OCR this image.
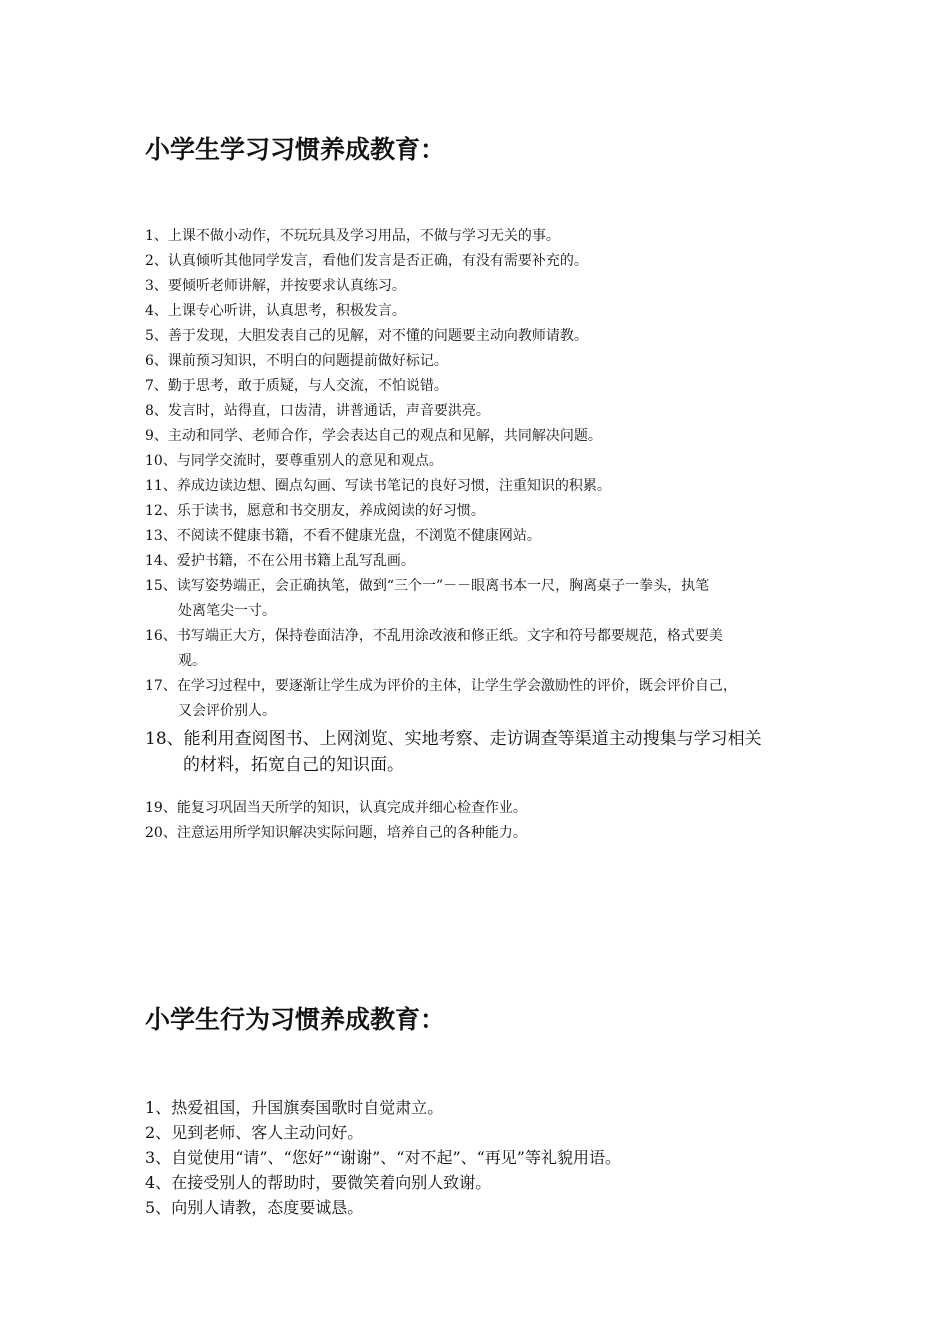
小学生学习习惯养成教育：
1、上课不做小动作，不玩玩具及学习用品，不做与学习无关的事。
2、认真倾听其他同学发言，看他们发言是否正确，有没有需要补充的。
3、要倾听老师讲解，并按要求认真练习。
4、上课专心听讲，认真思考，积极发言。
5、善于发现，大胆发表自己的见解，对不懂的问题要主动向教师请教。
6、课前预习知识，不明白的问题提前做好标记。
7、勤于思考，敢于质疑，与人交流，不怕说错。
8、发言时，站得直，口齿清，讲普通话，声音要洪亮。
9、主动和同学、老师合作，学会表达自己的观点和见解，共同解决问题。
10、与同学交流时，要尊重别人的意见和观点。
11、养成边读边想、圈点勾画、写读书笔记的良好习惯，注重知识的积累。
12、乐于读书，愿意和书交朋友，养成阅读的好习惯。
13、不阅读不健康书籍，不看不健康光盘，不浏览不健康网站。
14、爱护书籍，不在公用书籍上乱写乱画。
15、读写姿势端正，会正确执笔，做到“三个一”－－眼离书本一尺，胸离桌子一拳头，执笔
处离笔尖一寸。
16、书写端正大方，保持卷面洁净，不乱用涂改液和修正纸。文字和符号都要规范，格式要美
观。
17、在学习过程中，要逐渐让学生成为评价的主体，让学生学会激励性的评价，既会评价自己，
又会评价别人。
18、能利用查阅图书、上网浏览、实地考察、走访调查等渠道主动搜集与学习相关
的材料，拓宽自己的知识面。
19、能复习巩固当天所学的知识，认真完成并细心检查作业。
20、注意运用所学知识解决实际问题，培养自己的各种能力。
小学生行为习惯养成教育：
1、热爱祖国，升国旗奏国歌时自觉肃立。
2、见到老师、客人主动问好。
3、自觉使用“请”、“您好”“谢谢”、“对不起”、“再见”等礼貌用语。
4、在接受别人的帮助时，要微笑着向别人致谢。
5、向别人请教，态度要诚恳。
